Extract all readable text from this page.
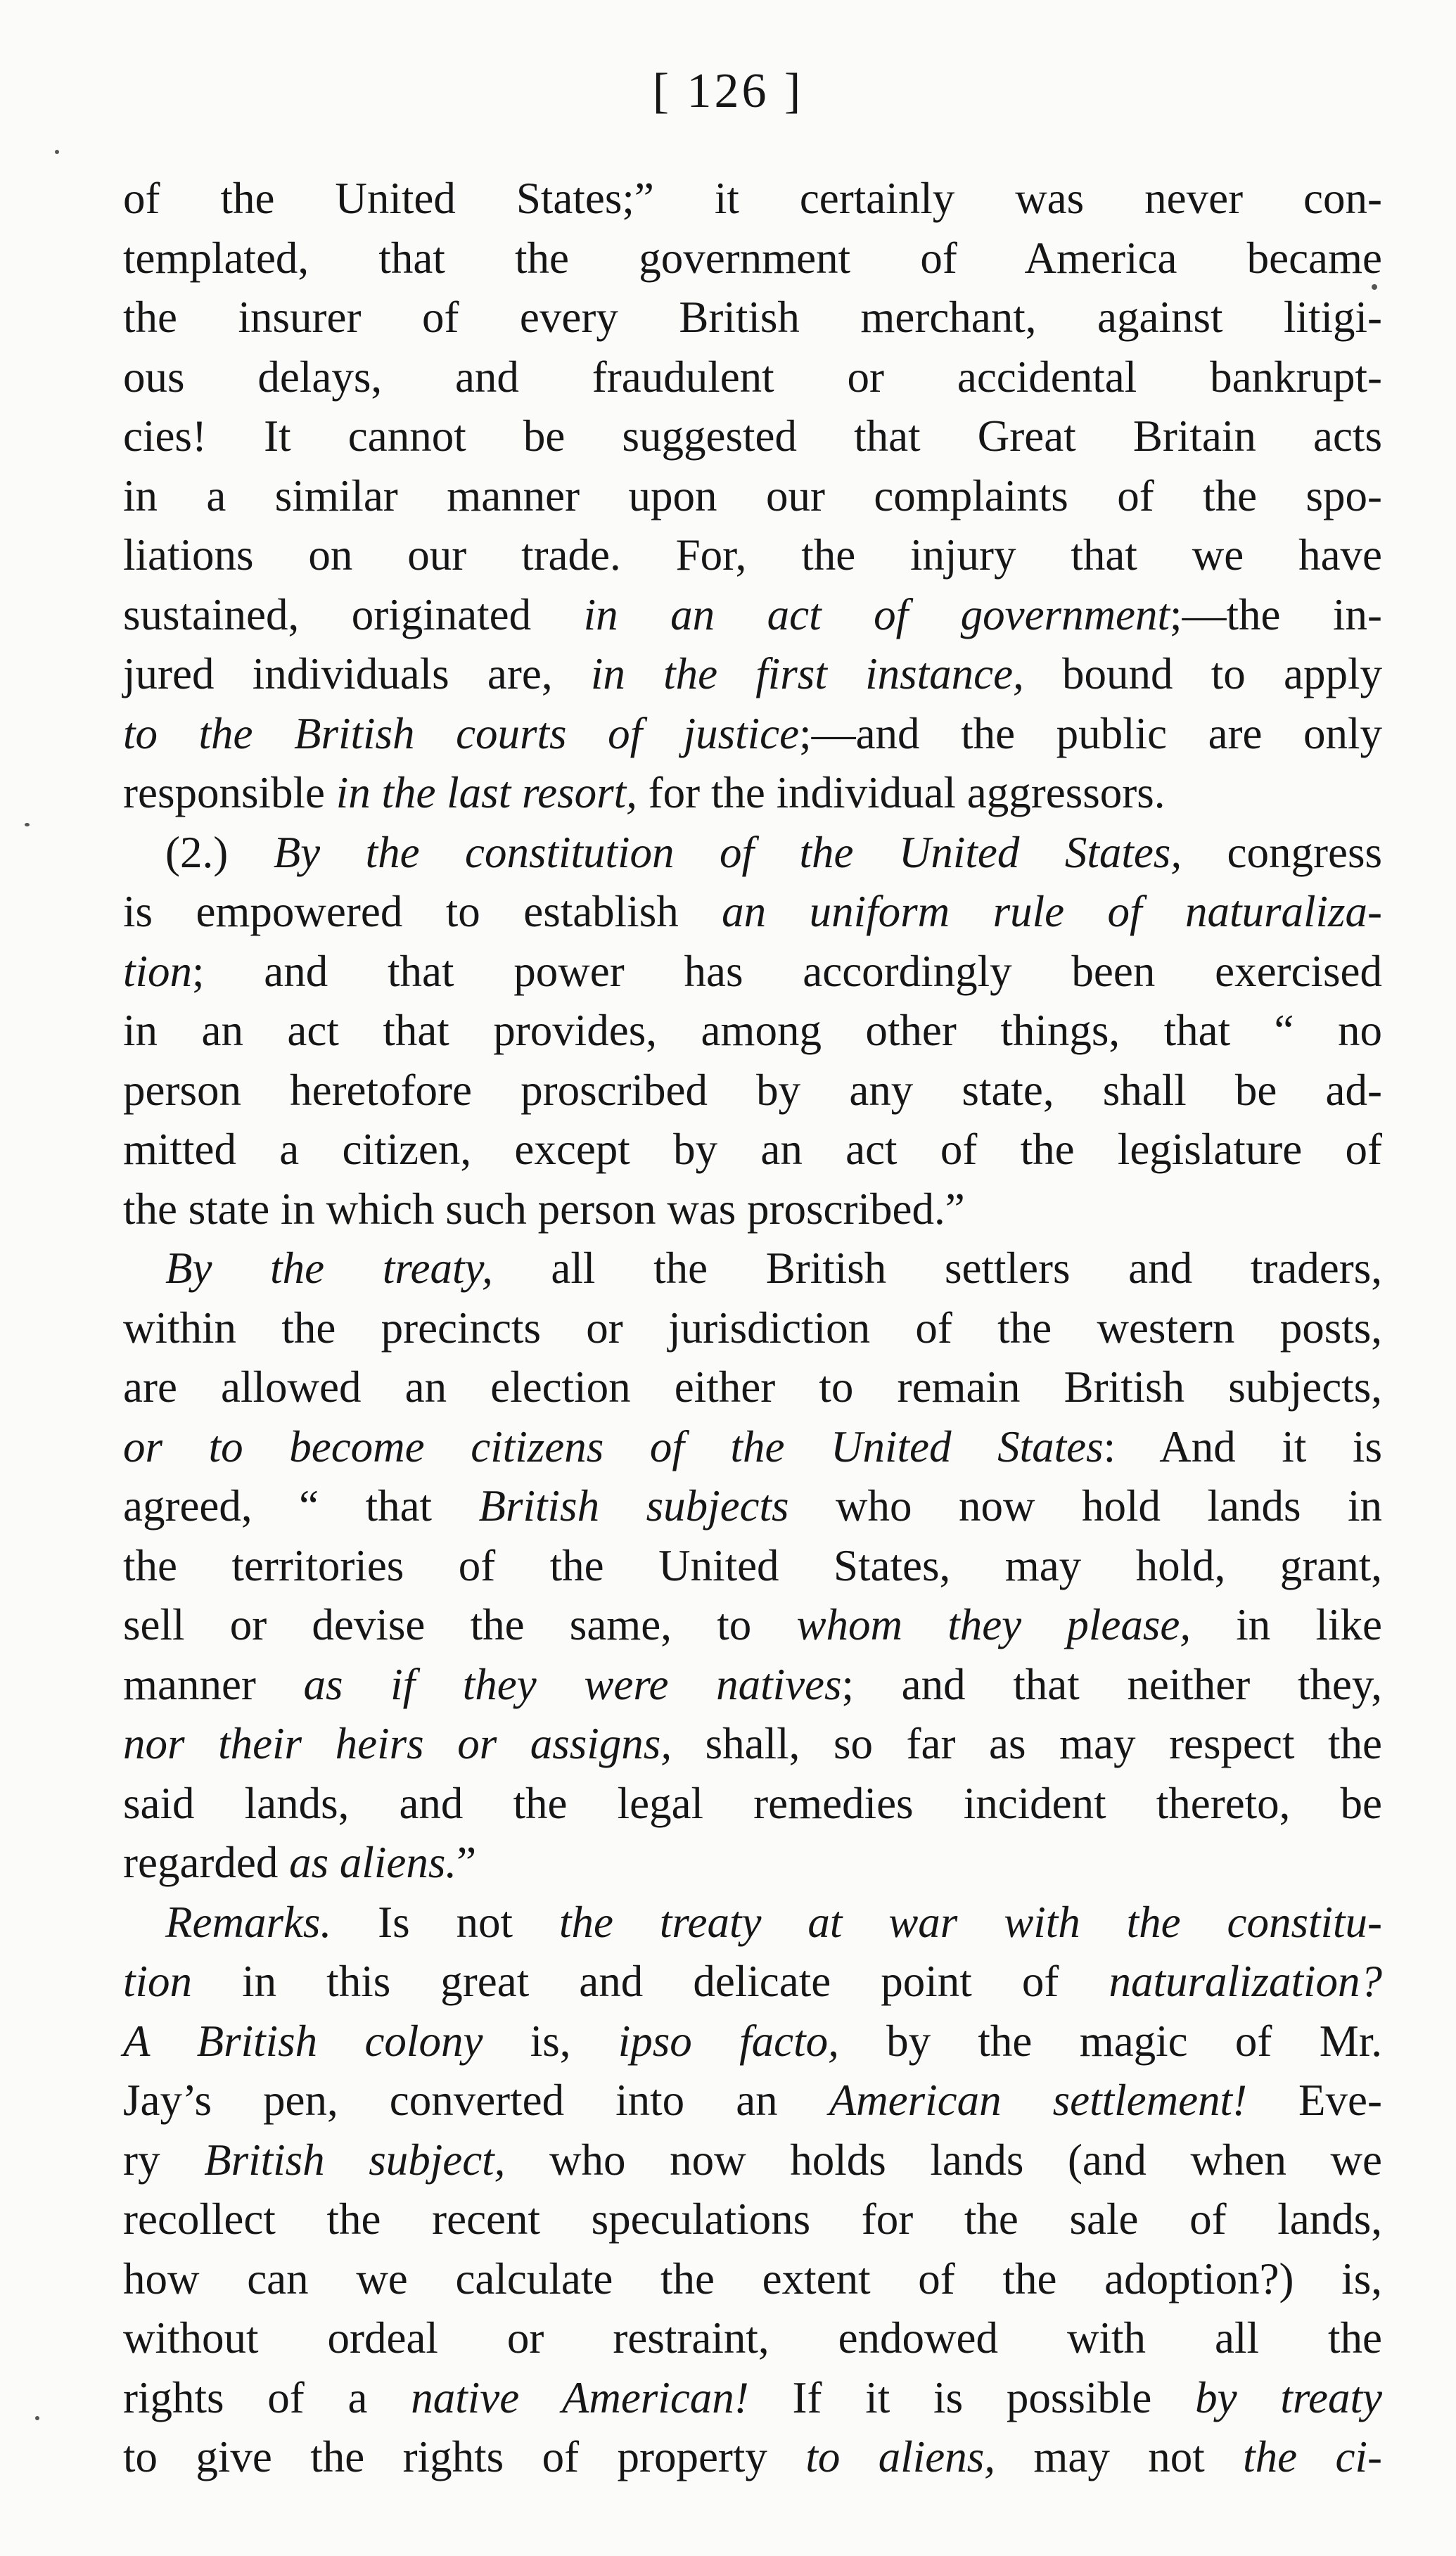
[ 126 ]
of the United States;” it certainly was never con-
templated, that the government of America became
the insurer of every British merchant, against litigi-
ous delays, and fraudulent or accidental bankrupt-
cies! It cannot be suggested that Great Britain acts
in a similar manner upon our complaints of the spo-
liations on our trade. For, the injury that we have
sustained, originated in an act of government;—the in-
jured individuals are, in the first instance, bound to apply
to the British courts of justice;—and the public are only
responsible in the last resort, for the individual aggressors.
(2.) By the constitution of the United States, congress
is empowered to establish an uniform rule of naturaliza-
tion; and that power has accordingly been exercised
in an act that provides, among other things, that “ no
person heretofore proscribed by any state, shall be ad-
mitted a citizen, except by an act of the legislature of
the state in which such person was proscribed.”
By the treaty, all the British settlers and traders,
within the precincts or jurisdiction of the western posts,
are allowed an election either to remain British subjects,
or to become citizens of the United States: And it is
agreed, “ that British subjects who now hold lands in
the territories of the United States, may hold, grant,
sell or devise the same, to whom they please, in like
manner as if they were natives; and that neither they,
nor their heirs or assigns, shall, so far as may respect the
said lands, and the legal remedies incident thereto, be
regarded as aliens.”
Remarks. Is not the treaty at war with the constitu-
tion in this great and delicate point of naturalization?
A British colony is, ipso facto, by the magic of Mr.
Jay’s pen, converted into an American settlement! Eve-
ry British subject, who now holds lands (and when we
recollect the recent speculations for the sale of lands,
how can we calculate the extent of the adoption?) is,
without ordeal or restraint, endowed with all the
rights of a native American! If it is possible by treaty
to give the rights of property to aliens, may not the ci-
